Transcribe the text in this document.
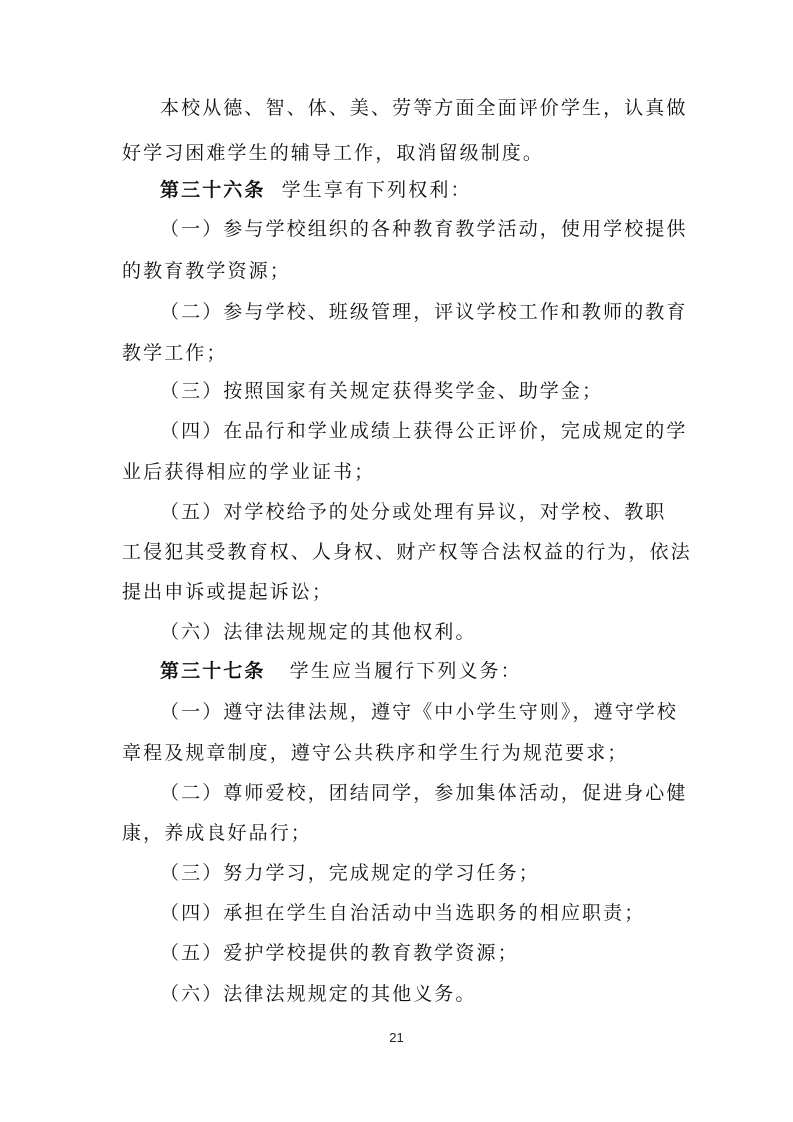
本校从德、智、体、美、劳等方面全面评价学生，认真做
好学习困难学生的辅导工作，取消留级制度。
第三十六条 学生享有下列权利：
（一）参与学校组织的各种教育教学活动，使用学校提供
的教育教学资源；
（二）参与学校、班级管理，评议学校工作和教师的教育
教学工作；
（三）按照国家有关规定获得奖学金、助学金；
（四）在品行和学业成绩上获得公正评价，完成规定的学
业后获得相应的学业证书；
（五）对学校给予的处分或处理有异议，对学校、教职
工侵犯其受教育权、人身权、财产权等合法权益的行为，依法
提出申诉或提起诉讼；
（六）法律法规规定的其他权利。
第三十七条 学生应当履行下列义务：
（一）遵守法律法规，遵守《中小学生守则》，遵守学校
章程及规章制度，遵守公共秩序和学生行为规范要求；
（二）尊师爱校，团结同学，参加集体活动，促进身心健
康，养成良好品行；
（三）努力学习，完成规定的学习任务；
（四）承担在学生自治活动中当选职务的相应职责；
（五）爱护学校提供的教育教学资源；
（六）法律法规规定的其他义务。
21
